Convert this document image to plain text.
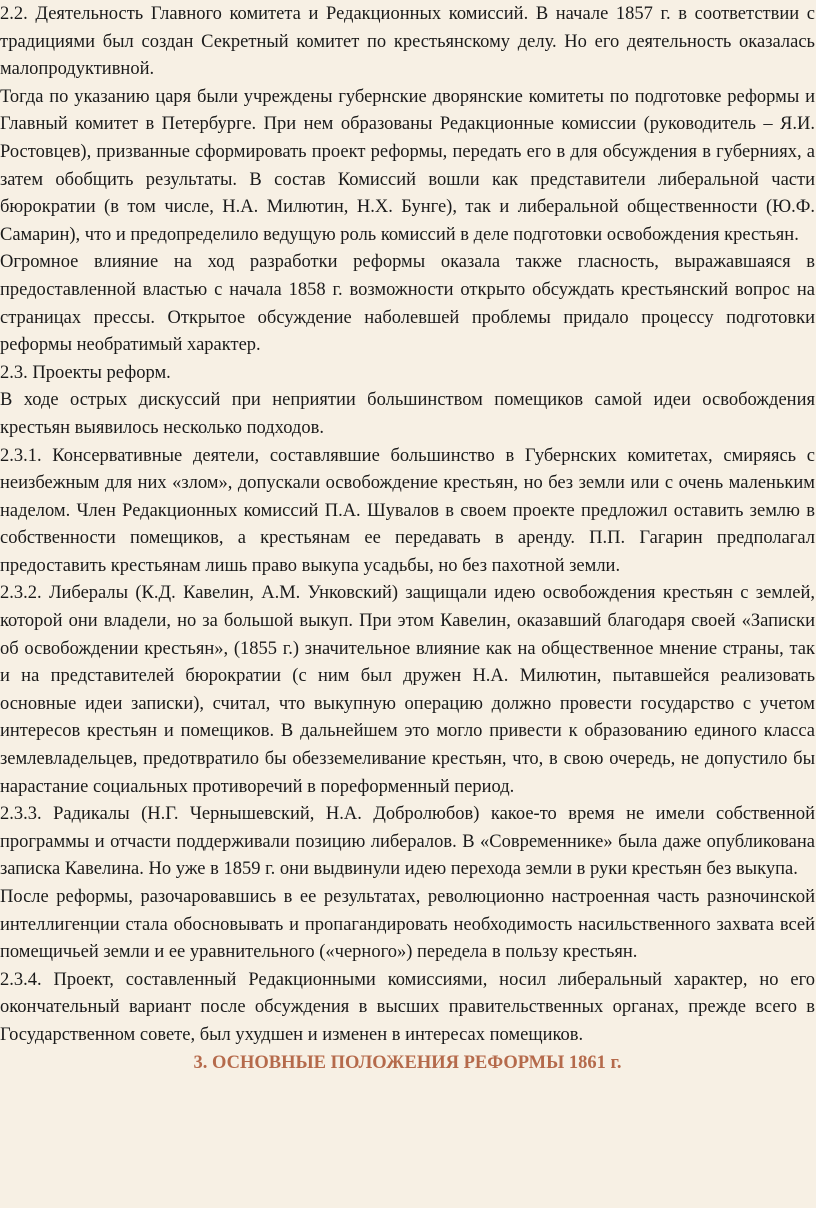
2.2. Деятельность Главного комитета и Редакционных комиссий. В начале 1857 г. в соответствии с традициями был создан Секретный комитет по крестьянскому делу. Но его деятельность оказалась малопродуктивной.

Тогда по указанию царя были учреждены губернские дворянские комитеты по подготовке реформы и Главный комитет в Петербурге. При нем образованы Редакционные комиссии (руководитель – Я.И. Ростовцев), призванные сформировать проект реформы, передать его в для обсуждения в губерниях, а затем обобщить результаты. В состав Комиссий вошли как представители либеральной части бюрократии (в том числе, Н.А. Милютин, Н.Х. Бунге), так и либеральной общественности (Ю.Ф. Самарин), что и предопределило ведущую роль комиссий в деле подготовки освобождения крестьян.

Огромное влияние на ход разработки реформы оказала также гласность, выражавшаяся в предоставленной властью с начала 1858 г. возможности открыто обсуждать крестьянский вопрос на страницах прессы. Открытое обсуждение наболевшей проблемы придало процессу подготовки реформы необратимый характер.

2.3. Проекты реформ.

В ходе острых дискуссий при неприятии большинством помещиков самой идеи освобождения крестьян выявилось несколько подходов.

2.3.1. Консервативные деятели, составлявшие большинство в Губернских комитетах, смиряясь с неизбежным для них «злом», допускали освобождение крестьян, но без земли или с очень маленьким наделом. Член Редакционных комиссий П.А. Шувалов в своем проекте предложил оставить землю в собственности помещиков, а крестьянам ее передавать в аренду. П.П. Гагарин предполагал предоставить крестьянам лишь право выкупа усадьбы, но без пахотной земли.

2.3.2. Либералы (К.Д. Кавелин, А.М. Унковский) защищали идею освобождения крестьян с землей, которой они владели, но за большой выкуп. При этом Кавелин, оказавший благодаря своей «Записки об освобождении крестьян», (1855 г.) значительное влияние как на общественное мнение страны, так и на представителей бюрократии (с ним был дружен Н.А. Милютин, пытавшейся реализовать основные идеи записки), считал, что выкупную операцию должно провести государство с учетом интересов крестьян и помещиков. В дальнейшем это могло привести к образованию единого класса землевладельцев, предотвратило бы обезземеливание крестьян, что, в свою очередь, не допустило бы нарастание социальных противоречий в пореформенный период.

2.3.3. Радикалы (Н.Г. Чернышевский, Н.А. Добролюбов) какое-то время не имели собственной программы и отчасти поддерживали позицию либералов. В «Современнике» была даже опубликована записка Кавелина. Но уже в 1859 г. они выдвинули идею перехода земли в руки крестьян без выкупа.

После реформы, разочаровавшись в ее результатах, революционно настроенная часть разночинской интеллигенции стала обосновывать и пропагандировать необходимость насильственного захвата всей помещичьей земли и ее уравнительного («черного») передела в пользу крестьян.

2.3.4. Проект, составленный Редакционными комиссиями, носил либеральный характер, но его окончательный вариант после обсуждения в высших правительственных органах, прежде всего в Государственном совете, был ухудшен и изменен в интересах помещиков.

3. ОСНОВНЫЕ ПОЛОЖЕНИЯ РЕФОРМЫ 1861 г.
